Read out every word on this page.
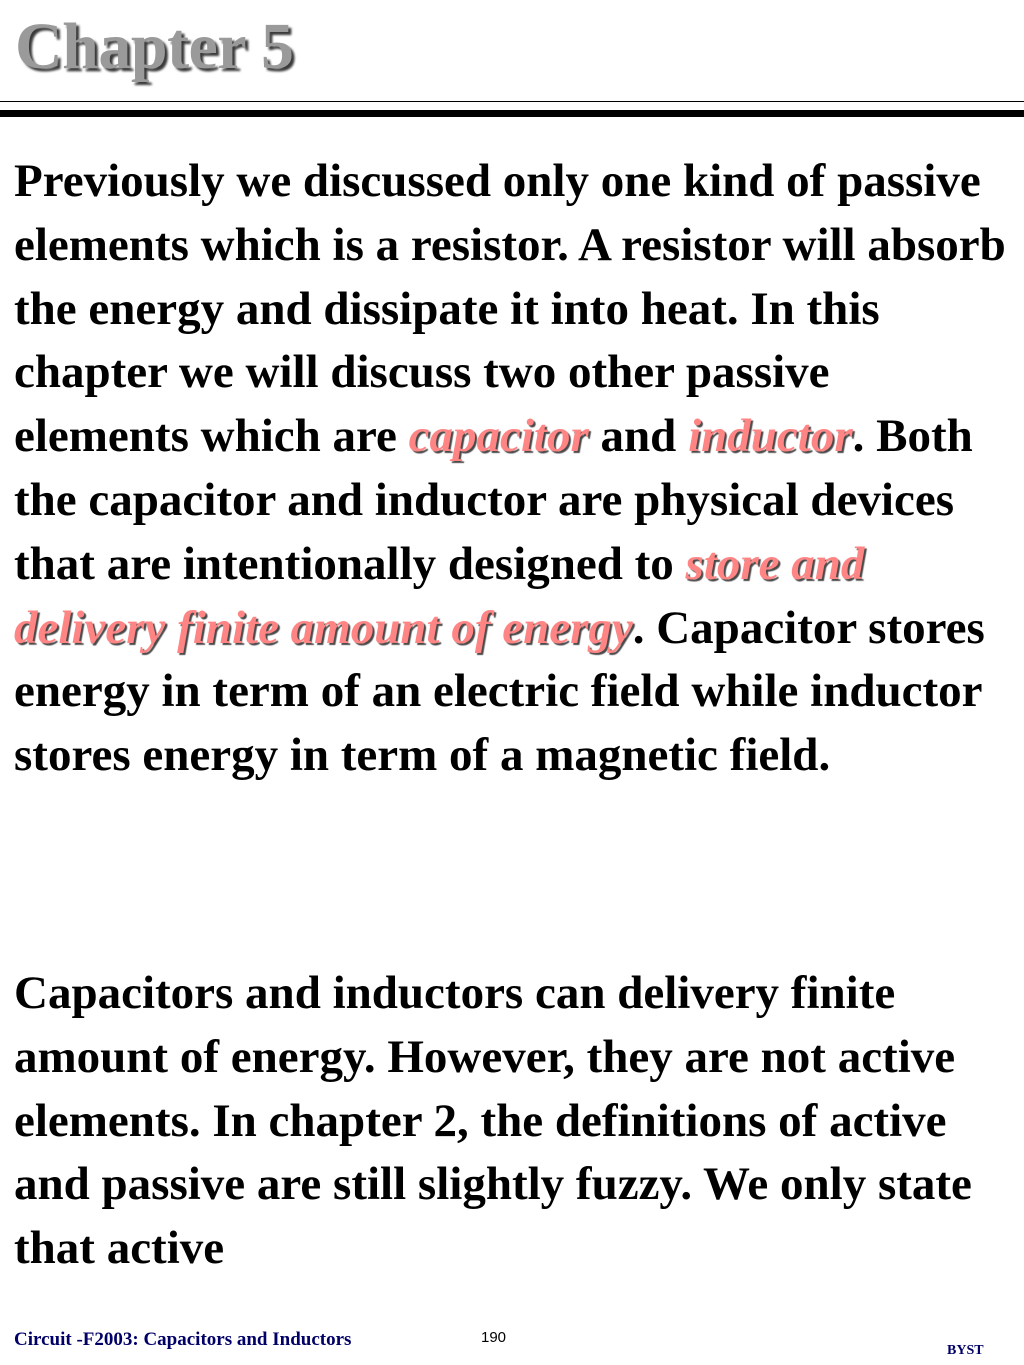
Chapter 5

Previously we discussed only one kind of passive elements which is a resistor. A resistor will absorb the energy and dissipate it into heat. In this chapter we will discuss two other passive elements which are capacitor and inductor. Both the capacitor and inductor are physical devices that are intentionally designed to store and delivery finite amount of energy. Capacitor stores energy in term of an electric field while inductor stores energy in term of a magnetic field.

Capacitors and inductors can delivery finite amount of energy. However, they are not active elements. In chapter 2, the definitions of active and passive are still slightly fuzzy. We only state that active

Circuit -F2003: Capacitors and Inductors	190
BYST
